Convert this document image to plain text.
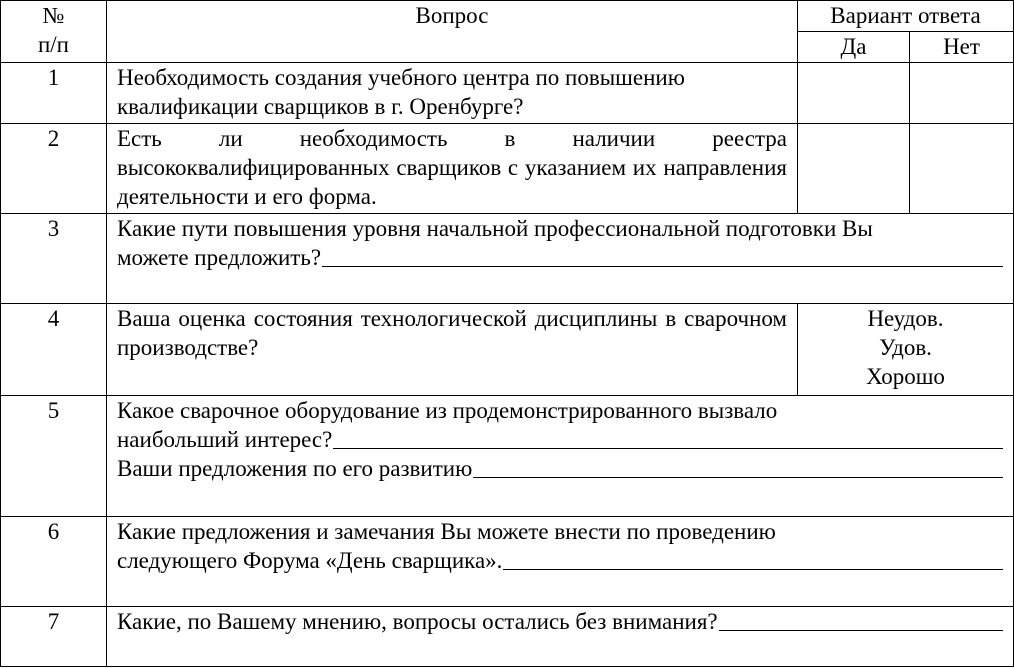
№
п/п	Вопрос	Вариант ответа	
		Да	Нет
1	Необходимость создания учебного центра по повышению
квалификации сварщиков в г. Оренбурге?		

2	Есть ли необходимость в наличии реестра высококвалифицированных сварщиков с указанием их направления деятельности и его форма.		
3	Какие пути повышения уровня начальной профессиональной подготовки Вы
можете предложить?		

4	Ваша оценка состояния технологической дисциплины в сварочном производстве?	Неудов.
Удов.
Хорошо	

5	Какое сварочное оборудование из продемонстрированного вызвало
наибольший интерес?
Ваши предложения по его развитию		

6	Какие предложения и замечания Вы можете внести по проведению
следующего Форума «День сварщика».		

7	Какие, по Вашему мнению, вопросы остались без внимания?		
